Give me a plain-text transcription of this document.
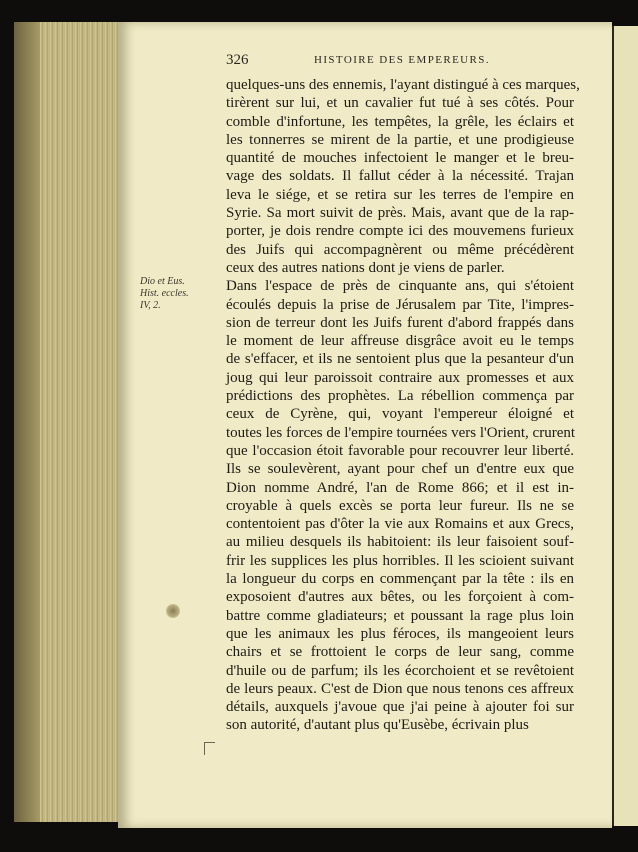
326	HISTOIRE DES EMPEREURS.
Dio et Eus.
Hist. eccles.
IV, 2.
quelques-uns des ennemis, l'ayant distingué à ces marques,
tirèrent sur lui, et un cavalier fut tué à ses côtés. Pour
comble d'infortune, les tempêtes, la grêle, les éclairs et
les tonnerres se mirent de la partie, et une prodigieuse
quantité de mouches infectoient le manger et le breu-
vage des soldats. Il fallut céder à la nécessité. Trajan
leva le siége, et se retira sur les terres de l'empire en
Syrie. Sa mort suivit de près. Mais, avant que de la rap-
porter, je dois rendre compte ici des mouvemens furieux
des Juifs qui accompagnèrent ou même précédèrent
ceux des autres nations dont je viens de parler.
Dans l'espace de près de cinquante ans, qui s'étoient
écoulés depuis la prise de Jérusalem par Tite, l'impres-
sion de terreur dont les Juifs furent d'abord frappés dans
le moment de leur affreuse disgrâce avoit eu le temps
de s'effacer, et ils ne sentoient plus que la pesanteur d'un
joug qui leur paroissoit contraire aux promesses et aux
prédictions des prophètes. La rébellion commença par
ceux de Cyrène, qui, voyant l'empereur éloigné et
toutes les forces de l'empire tournées vers l'Orient, crurent
que l'occasion étoit favorable pour recouvrer leur liberté.
Ils se soulevèrent, ayant pour chef un d'entre eux que
Dion nomme André, l'an de Rome 866; et il est in-
croyable à quels excès se porta leur fureur. Ils ne se
contentoient pas d'ôter la vie aux Romains et aux Grecs,
au milieu desquels ils habitoient: ils leur faisoient souf-
frir les supplices les plus horribles. Il les scioient suivant
la longueur du corps en commençant par la tête : ils en
exposoient d'autres aux bêtes, ou les forçoient à com-
battre comme gladiateurs; et poussant la rage plus loin
que les animaux les plus féroces, ils mangeoient leurs
chairs et se frottoient le corps de leur sang, comme
d'huile ou de parfum; ils les écorchoient et se revêtoient
de leurs peaux. C'est de Dion que nous tenons ces affreux
détails, auxquels j'avoue que j'ai peine à ajouter foi sur
son autorité, d'autant plus qu'Eusèbe, écrivain plus
